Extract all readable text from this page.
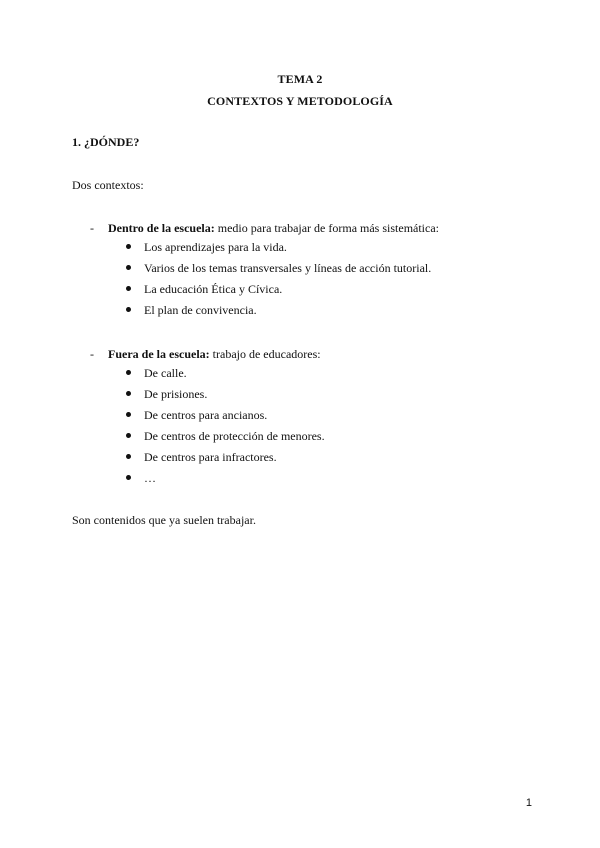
TEMA 2
CONTEXTOS Y METODOLOGÍA
1. ¿DÓNDE?
Dos contextos:
- Dentro de la escuela: medio para trabajar de forma más sistemática:
Los aprendizajes para la vida.
Varios de los temas transversales y líneas de acción tutorial.
La educación Ética y Cívica.
El plan de convivencia.
- Fuera de la escuela: trabajo de educadores:
De calle.
De prisiones.
De centros para ancianos.
De centros de protección de menores.
De centros para infractores.
…
Son contenidos que ya suelen trabajar.
1
